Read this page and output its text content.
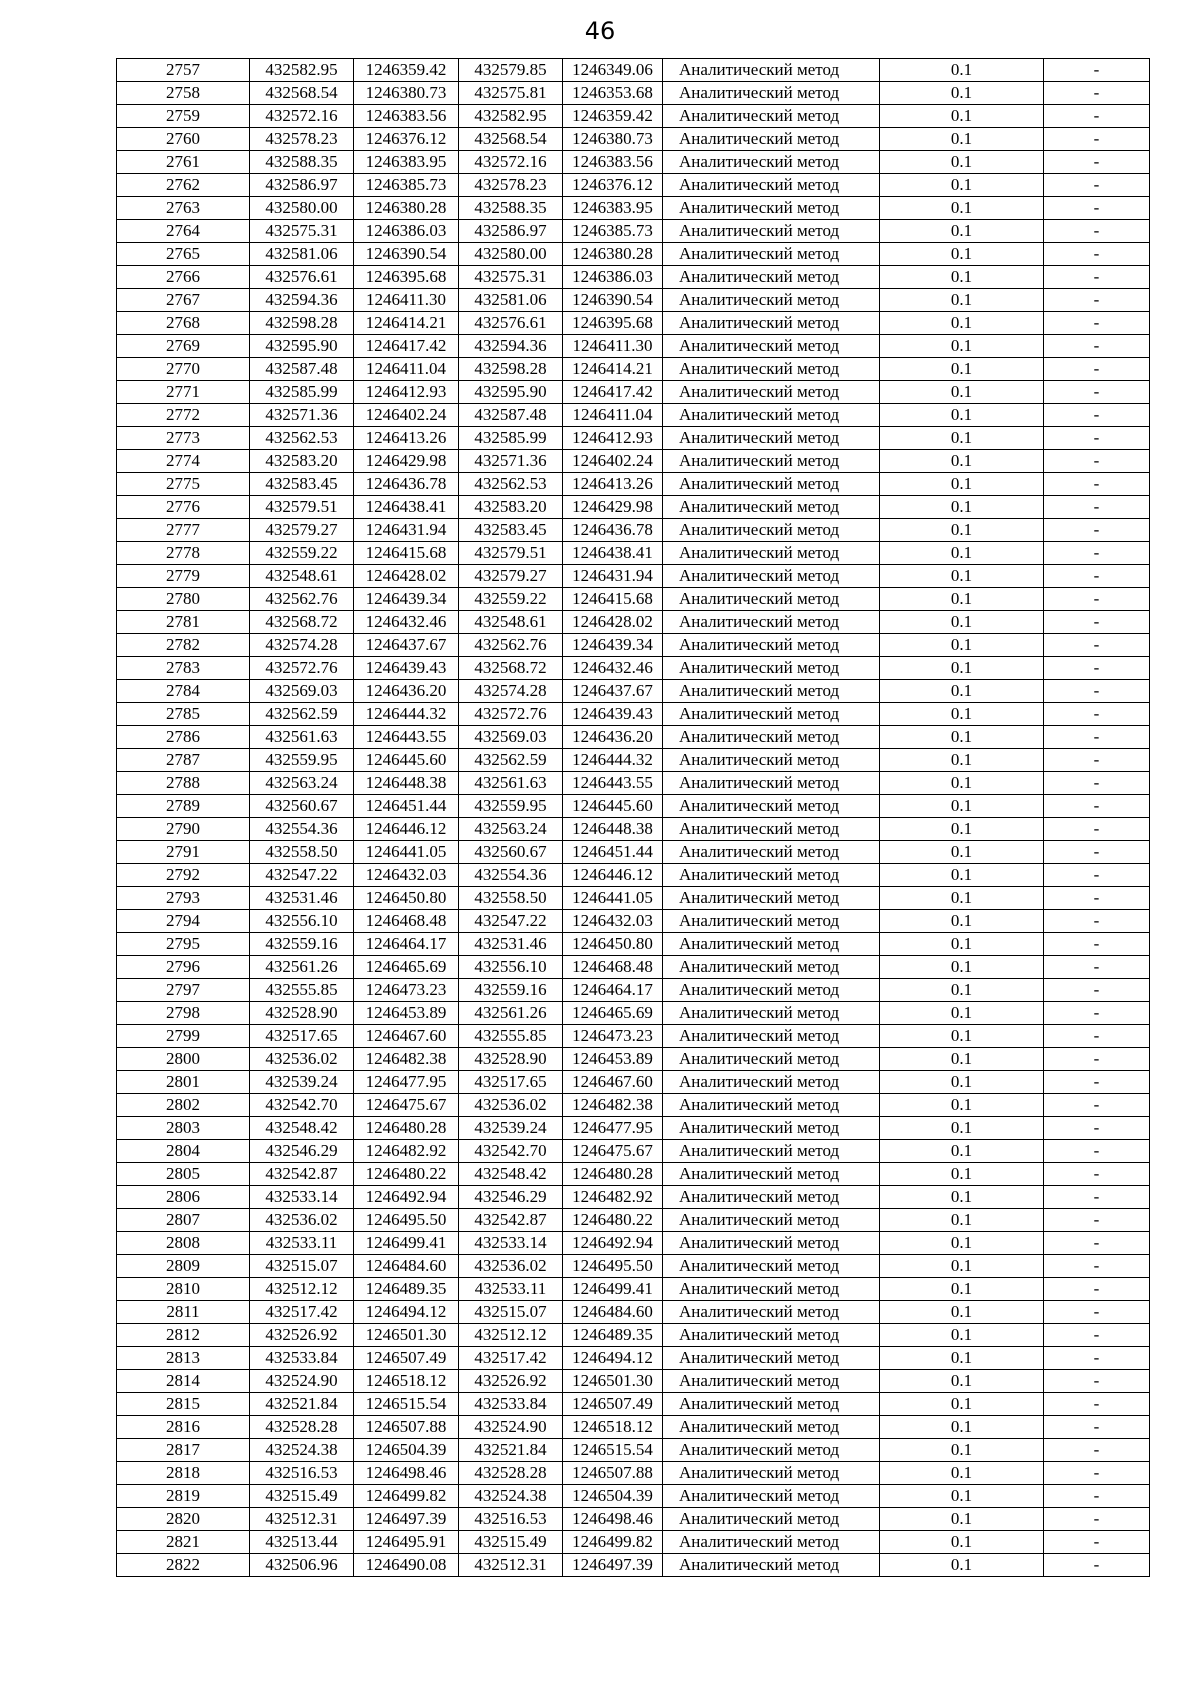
46
2757	432582.95	1246359.42	432579.85	1246349.06	Аналитический метод	0.1	-
2758	432568.54	1246380.73	432575.81	1246353.68	Аналитический метод	0.1	-
2759	432572.16	1246383.56	432582.95	1246359.42	Аналитический метод	0.1	-
2760	432578.23	1246376.12	432568.54	1246380.73	Аналитический метод	0.1	-
2761	432588.35	1246383.95	432572.16	1246383.56	Аналитический метод	0.1	-
2762	432586.97	1246385.73	432578.23	1246376.12	Аналитический метод	0.1	-
2763	432580.00	1246380.28	432588.35	1246383.95	Аналитический метод	0.1	-
2764	432575.31	1246386.03	432586.97	1246385.73	Аналитический метод	0.1	-
2765	432581.06	1246390.54	432580.00	1246380.28	Аналитический метод	0.1	-
2766	432576.61	1246395.68	432575.31	1246386.03	Аналитический метод	0.1	-
2767	432594.36	1246411.30	432581.06	1246390.54	Аналитический метод	0.1	-
2768	432598.28	1246414.21	432576.61	1246395.68	Аналитический метод	0.1	-
2769	432595.90	1246417.42	432594.36	1246411.30	Аналитический метод	0.1	-
2770	432587.48	1246411.04	432598.28	1246414.21	Аналитический метод	0.1	-
2771	432585.99	1246412.93	432595.90	1246417.42	Аналитический метод	0.1	-
2772	432571.36	1246402.24	432587.48	1246411.04	Аналитический метод	0.1	-
2773	432562.53	1246413.26	432585.99	1246412.93	Аналитический метод	0.1	-
2774	432583.20	1246429.98	432571.36	1246402.24	Аналитический метод	0.1	-
2775	432583.45	1246436.78	432562.53	1246413.26	Аналитический метод	0.1	-
2776	432579.51	1246438.41	432583.20	1246429.98	Аналитический метод	0.1	-
2777	432579.27	1246431.94	432583.45	1246436.78	Аналитический метод	0.1	-
2778	432559.22	1246415.68	432579.51	1246438.41	Аналитический метод	0.1	-
2779	432548.61	1246428.02	432579.27	1246431.94	Аналитический метод	0.1	-
2780	432562.76	1246439.34	432559.22	1246415.68	Аналитический метод	0.1	-
2781	432568.72	1246432.46	432548.61	1246428.02	Аналитический метод	0.1	-
2782	432574.28	1246437.67	432562.76	1246439.34	Аналитический метод	0.1	-
2783	432572.76	1246439.43	432568.72	1246432.46	Аналитический метод	0.1	-
2784	432569.03	1246436.20	432574.28	1246437.67	Аналитический метод	0.1	-
2785	432562.59	1246444.32	432572.76	1246439.43	Аналитический метод	0.1	-
2786	432561.63	1246443.55	432569.03	1246436.20	Аналитический метод	0.1	-
2787	432559.95	1246445.60	432562.59	1246444.32	Аналитический метод	0.1	-
2788	432563.24	1246448.38	432561.63	1246443.55	Аналитический метод	0.1	-
2789	432560.67	1246451.44	432559.95	1246445.60	Аналитический метод	0.1	-
2790	432554.36	1246446.12	432563.24	1246448.38	Аналитический метод	0.1	-
2791	432558.50	1246441.05	432560.67	1246451.44	Аналитический метод	0.1	-
2792	432547.22	1246432.03	432554.36	1246446.12	Аналитический метод	0.1	-
2793	432531.46	1246450.80	432558.50	1246441.05	Аналитический метод	0.1	-
2794	432556.10	1246468.48	432547.22	1246432.03	Аналитический метод	0.1	-
2795	432559.16	1246464.17	432531.46	1246450.80	Аналитический метод	0.1	-
2796	432561.26	1246465.69	432556.10	1246468.48	Аналитический метод	0.1	-
2797	432555.85	1246473.23	432559.16	1246464.17	Аналитический метод	0.1	-
2798	432528.90	1246453.89	432561.26	1246465.69	Аналитический метод	0.1	-
2799	432517.65	1246467.60	432555.85	1246473.23	Аналитический метод	0.1	-
2800	432536.02	1246482.38	432528.90	1246453.89	Аналитический метод	0.1	-
2801	432539.24	1246477.95	432517.65	1246467.60	Аналитический метод	0.1	-
2802	432542.70	1246475.67	432536.02	1246482.38	Аналитический метод	0.1	-
2803	432548.42	1246480.28	432539.24	1246477.95	Аналитический метод	0.1	-
2804	432546.29	1246482.92	432542.70	1246475.67	Аналитический метод	0.1	-
2805	432542.87	1246480.22	432548.42	1246480.28	Аналитический метод	0.1	-
2806	432533.14	1246492.94	432546.29	1246482.92	Аналитический метод	0.1	-
2807	432536.02	1246495.50	432542.87	1246480.22	Аналитический метод	0.1	-
2808	432533.11	1246499.41	432533.14	1246492.94	Аналитический метод	0.1	-
2809	432515.07	1246484.60	432536.02	1246495.50	Аналитический метод	0.1	-
2810	432512.12	1246489.35	432533.11	1246499.41	Аналитический метод	0.1	-
2811	432517.42	1246494.12	432515.07	1246484.60	Аналитический метод	0.1	-
2812	432526.92	1246501.30	432512.12	1246489.35	Аналитический метод	0.1	-
2813	432533.84	1246507.49	432517.42	1246494.12	Аналитический метод	0.1	-
2814	432524.90	1246518.12	432526.92	1246501.30	Аналитический метод	0.1	-
2815	432521.84	1246515.54	432533.84	1246507.49	Аналитический метод	0.1	-
2816	432528.28	1246507.88	432524.90	1246518.12	Аналитический метод	0.1	-
2817	432524.38	1246504.39	432521.84	1246515.54	Аналитический метод	0.1	-
2818	432516.53	1246498.46	432528.28	1246507.88	Аналитический метод	0.1	-
2819	432515.49	1246499.82	432524.38	1246504.39	Аналитический метод	0.1	-
2820	432512.31	1246497.39	432516.53	1246498.46	Аналитический метод	0.1	-
2821	432513.44	1246495.91	432515.49	1246499.82	Аналитический метод	0.1	-
2822	432506.96	1246490.08	432512.31	1246497.39	Аналитический метод	0.1	-
